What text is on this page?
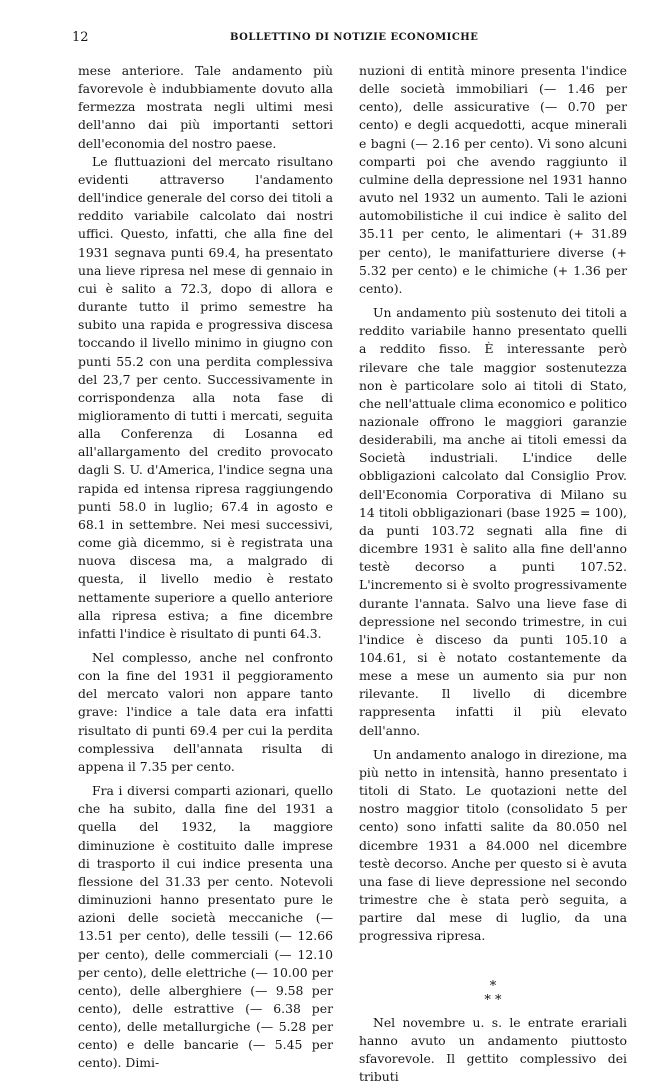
12	BOLLETTINO DI NOTIZIE ECONOMICHE

mese anteriore. Tale andamento più favorevole è indubbiamente dovuto alla fermezza mostrata negli ultimi mesi dell'anno dai più importanti settori dell'economia del nostro paese.

Le fluttuazioni del mercato risultano evidenti attraverso l'andamento dell'indice generale del corso dei titoli a reddito variabile calcolato dai nostri uffici. Questo, infatti, che alla fine del 1931 segnava punti 69.4, ha presentato una lieve ripresa nel mese di gennaio in cui è salito a 72.3, dopo di allora e durante tutto il primo semestre ha subito una rapida e progressiva discesa toccando il livello minimo in giugno con punti 55.2 con una perdita complessiva del 23,7 per cento. Successivamente in corrispondenza alla nota fase di miglioramento di tutti i mercati, seguita alla Conferenza di Losanna ed all'allargamento del credito provocato dagli S. U. d'America, l'indice segna una rapida ed intensa ripresa raggiungendo punti 58.0 in luglio; 67.4 in agosto e 68.1 in settembre. Nei mesi successivi, come già dicemmo, si è registrata una nuova discesa ma, a malgrado di questa, il livello medio è restato nettamente superiore a quello anteriore alla ripresa estiva; a fine dicembre infatti l'indice è risultato di punti 64.3.

Nel complesso, anche nel confronto con la fine del 1931 il peggioramento del mercato valori non appare tanto grave: l'indice a tale data era infatti risultato di punti 69.4 per cui la perdita complessiva dell'annata risulta di appena il 7.35 per cento.

Fra i diversi comparti azionari, quello che ha subito, dalla fine del 1931 a quella del 1932, la maggiore diminuzione è costituito dalle imprese di trasporto il cui indice presenta una flessione del 31.33 per cento. Notevoli diminuzioni hanno presentato pure le azioni delle società meccaniche (— 13.51 per cento), delle tessili (— 12.66 per cento), delle commerciali (— 12.10 per cento), delle elettriche (— 10.00 per cento), delle alberghiere (— 9.58 per cento), delle estrattive (— 6.38 per cento), delle metallurgiche (— 5.28 per cento) e delle bancarie (— 5.45 per cento). Dimi-

nuzioni di entità minore presenta l'indice delle società immobiliari (— 1.46 per cento), delle assicurative (— 0.70 per cento) e degli acquedotti, acque minerali e bagni (— 2.16 per cento). Vi sono alcuni comparti poi che avendo raggiunto il culmine della depressione nel 1931 hanno avuto nel 1932 un aumento. Tali le azioni automobilistiche il cui indice è salito del 35.11 per cento, le alimentari (+ 31.89 per cento), le manifatturiere diverse (+ 5.32 per cento) e le chimiche (+ 1.36 per cento).

Un andamento più sostenuto dei titoli a reddito variabile hanno presentato quelli a reddito fisso. È interessante però rilevare che tale maggior sostenutezza non è particolare solo ai titoli di Stato, che nell'attuale clima economico e politico nazionale offrono le maggiori garanzie desiderabili, ma anche ai titoli emessi da Società industriali. L'indice delle obbligazioni calcolato dal Consiglio Prov. dell'Economia Corporativa di Milano su 14 titoli obbligazionari (base 1925 = 100), da punti 103.72 segnati alla fine di dicembre 1931 è salito alla fine dell'anno testè decorso a punti 107.52. L'incremento si è svolto progressivamente durante l'annata. Salvo una lieve fase di depressione nel secondo trimestre, in cui l'indice è disceso da punti 105.10 a 104.61, si è notato costantemente da mese a mese un aumento sia pur non rilevante. Il livello di dicembre rappresenta infatti il più elevato dell'anno.

Un andamento analogo in direzione, ma più netto in intensità, hanno presentato i titoli di Stato. Le quotazioni nette del nostro maggior titolo (consolidato 5 per cento) sono infatti salite da 80.050 nel dicembre 1931 a 84.000 nel dicembre testè decorso. Anche per questo si è avuta una fase di lieve depressione nel secondo trimestre che è stata però seguita, a partire dal mese di luglio, da una progressiva ripresa.

*
* *

Nel novembre u. s. le entrate erariali hanno avuto un andamento piuttosto sfavorevole. Il gettito complessivo dei tributi
